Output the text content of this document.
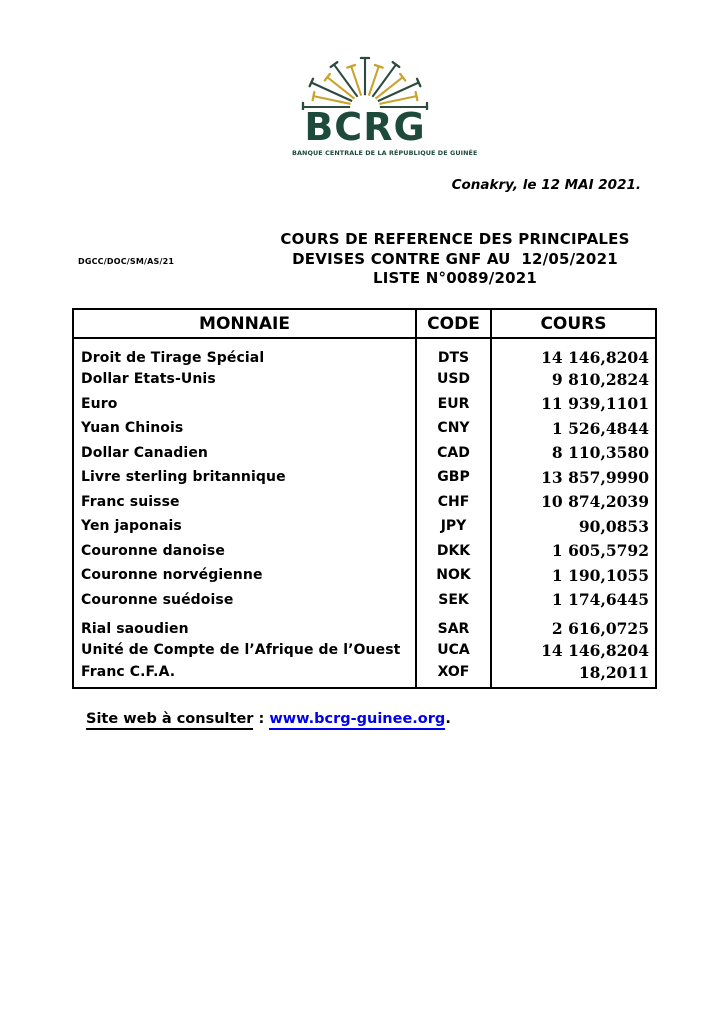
BCRG
BANQUE CENTRALE DE LA RÉPUBLIQUE DE GUINÉE
Conakry, le 12 MAI 2021.
DGCC/DOC/SM/AS/21
COURS DE REFERENCE DES PRINCIPALES
DEVISES CONTRE GNF AU  12/05/2021
LISTE N°0089/2021
MONNAIE	CODE	COURS
Droit de Tirage Spécial	DTS	14 146,8204
Dollar Etats-Unis	USD	9 810,2824
Euro	EUR	11 939,1101
Yuan Chinois	CNY	1 526,4844
Dollar Canadien	CAD	8 110,3580
Livre sterling britannique	GBP	13 857,9990
Franc suisse	CHF	10 874,2039
Yen japonais	JPY	90,0853
Couronne danoise	DKK	1 605,5792
Couronne norvégienne	NOK	1 190,1055
Couronne suédoise	SEK	1 174,6445
Rial saoudien	SAR	2 616,0725
Unité de Compte de l’Afrique de l’Ouest	UCA	14 146,8204
Franc C.F.A.	XOF	18,2011
Site web à consulter : www.bcrg-guinee.org.
